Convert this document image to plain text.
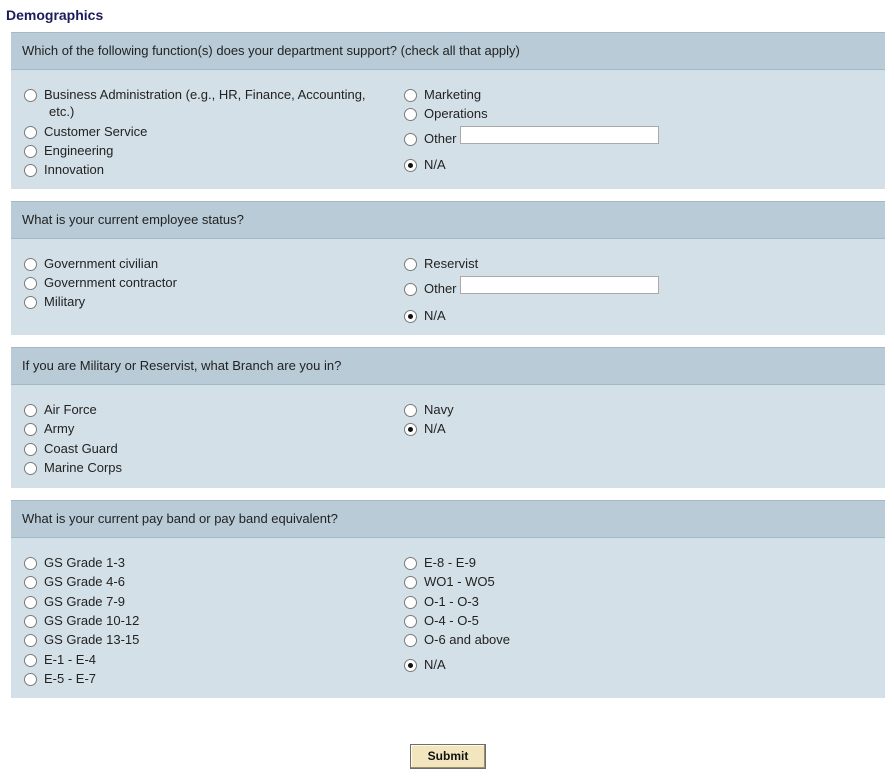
Demographics
Which of the following function(s) does your department support? (check all that apply)
Business Administration (e.g., HR, Finance, Accounting,
etc.)
Customer Service
Engineering
Innovation
Marketing
Operations
Other
N/A
What is your current employee status?
Government civilian
Government contractor
Military
Reservist
Other
N/A
If you are Military or Reservist, what Branch are you in?
Air Force
Army
Coast Guard
Marine Corps
Navy
N/A
What is your current pay band or pay band equivalent?
GS Grade 1-3
GS Grade 4-6
GS Grade 7-9
GS Grade 10-12
GS Grade 13-15
E-1 - E-4
E-5 - E-7
E-8 - E-9
WO1 - WO5
O-1 - O-3
O-4 - O-5
O-6 and above
N/A
Submit
